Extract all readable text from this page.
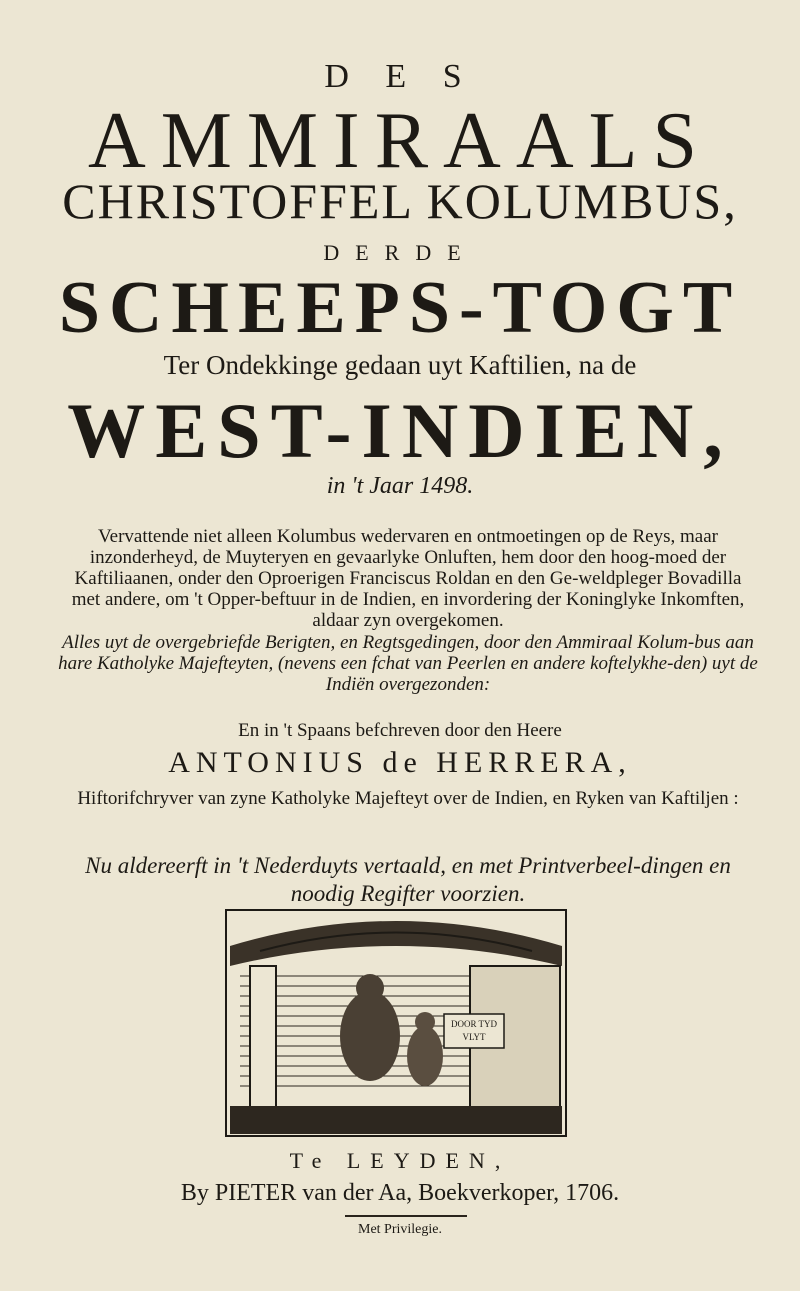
D E S
AMMIRAALS
CHRISTOFFEL KOLUMBUS,
DERDE
SCHEEPS-TOGT
Ter Ondekkinge gedaan uyt Kaftilien, na de
WEST-INDIEN,
in 't Jaar 1498.
Vervattende niet alleen Kolumbus wedervaren en ontmoetingen op de Reys, maar inzonderheyd, de Muyteryen en gevaarlyke Onluften, hem door den hoog-moed der Kaftiliaanen, onder den Oproerigen Franciscus Roldan en den Ge-weldpleger Bovadilla met andere, om 't Opper-beftuur in de Indien, en invordering der Koninglyke Inkomften, aldaar zyn overgekomen.
Alles uyt de overgebriefde Berigten, en Regtsgedingen, door den Ammiraal Kolum-bus aan hare Katholyke Majefteyten, (nevens een fchat van Peerlen en andere koftelykhe-den) uyt de Indiën overgezonden:
En in 't Spaans befchreven door den Heere
ANTONIUS de HERRERA,
Hiftorifchryver van zyne Katholyke Majefteyt over de Indien, en Ryken van Kaftiljen :
Nu aldereerft in 't Nederduyts vertaald, en met Printverbeel-dingen en noodig Regifter voorzien.
DOOR TYD
VLYT
Te LEYDEN,
By PIETER van der Aa, Boekverkoper, 1706.
Met Privilegie.
